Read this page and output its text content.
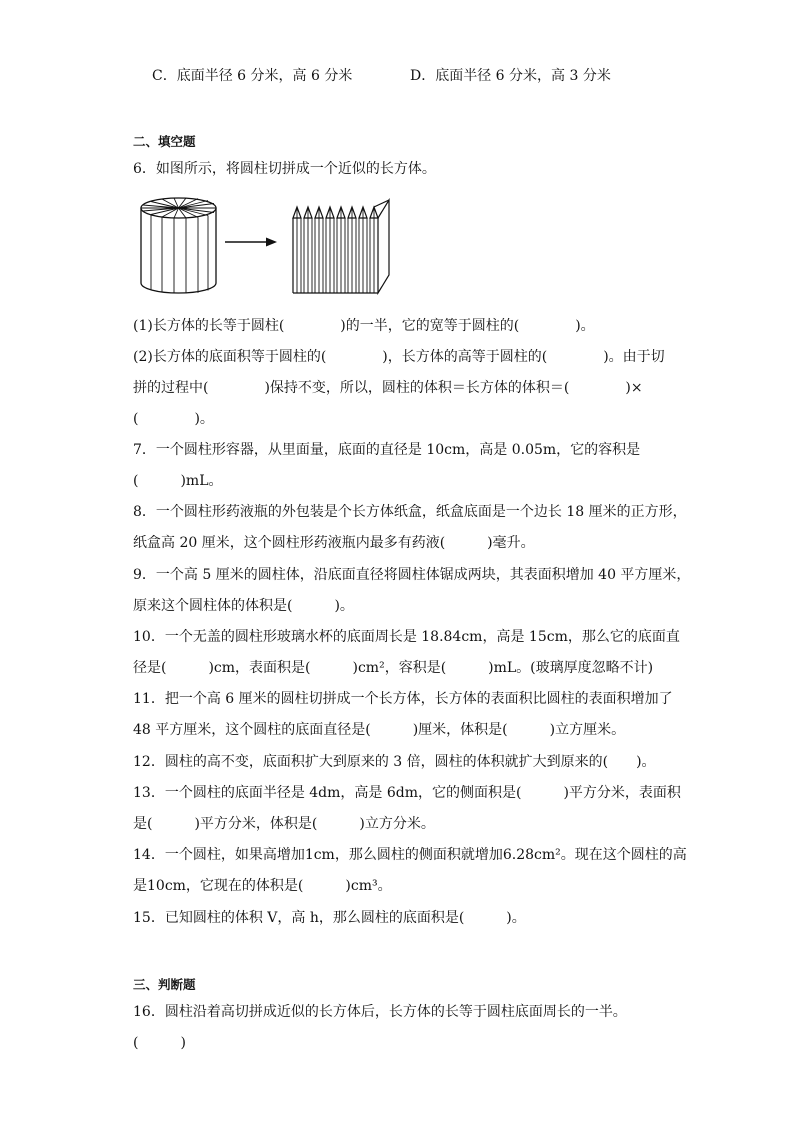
C．底面半径 6 分米，高 6 分米	D．底面半径 6 分米，高 3 分米
二、填空题
6．如图所示，将圆柱切拼成一个近似的长方体。
(1)长方体的长等于圆柱(　　　　)的一半，它的宽等于圆柱的(　　　　)。
(2)长方体的底面积等于圆柱的(　　　　)，长方体的高等于圆柱的(　　　　)。由于切
拼的过程中(　　　　)保持不变，所以，圆柱的体积＝长方体的体积＝(　　　　)×
(　　　　)。
7．一个圆柱形容器，从里面量，底面的直径是 10cm，高是 0.05m，它的容积是
(　　　)mL。
8．一个圆柱形药液瓶的外包装是个长方体纸盒，纸盒底面是一个边长 18 厘米的正方形，
纸盒高 20 厘米，这个圆柱形药液瓶内最多有药液(　　　)毫升。
9．一个高 5 厘米的圆柱体，沿底面直径将圆柱体锯成两块，其表面积增加 40 平方厘米，
原来这个圆柱体的体积是(　　　)。
10．一个无盖的圆柱形玻璃水杯的底面周长是 18.84cm，高是 15cm，那么它的底面直
径是(　　　)cm，表面积是(　　　)cm²，容积是(　　　)mL。(玻璃厚度忽略不计)
11．把一个高 6 厘米的圆柱切拼成一个长方体，长方体的表面积比圆柱的表面积增加了
48 平方厘米，这个圆柱的底面直径是(　　　)厘米，体积是(　　　)立方厘米。
12．圆柱的高不变，底面积扩大到原来的 3 倍，圆柱的体积就扩大到原来的(　　)。
13．一个圆柱的底面半径是 4dm，高是 6dm，它的侧面积是(　　　)平方分米，表面积
是(　　　)平方分米，体积是(　　　)立方分米。
14．一个圆柱，如果高增加1cm，那么圆柱的侧面积就增加6.28cm²。现在这个圆柱的高
是10cm，它现在的体积是(　　　)cm³。
15．已知圆柱的体积 V，高 h，那么圆柱的底面积是(　　　)。
三、判断题
16．圆柱沿着高切拼成近似的长方体后，长方体的长等于圆柱底面周长的一半。
(　　　)
